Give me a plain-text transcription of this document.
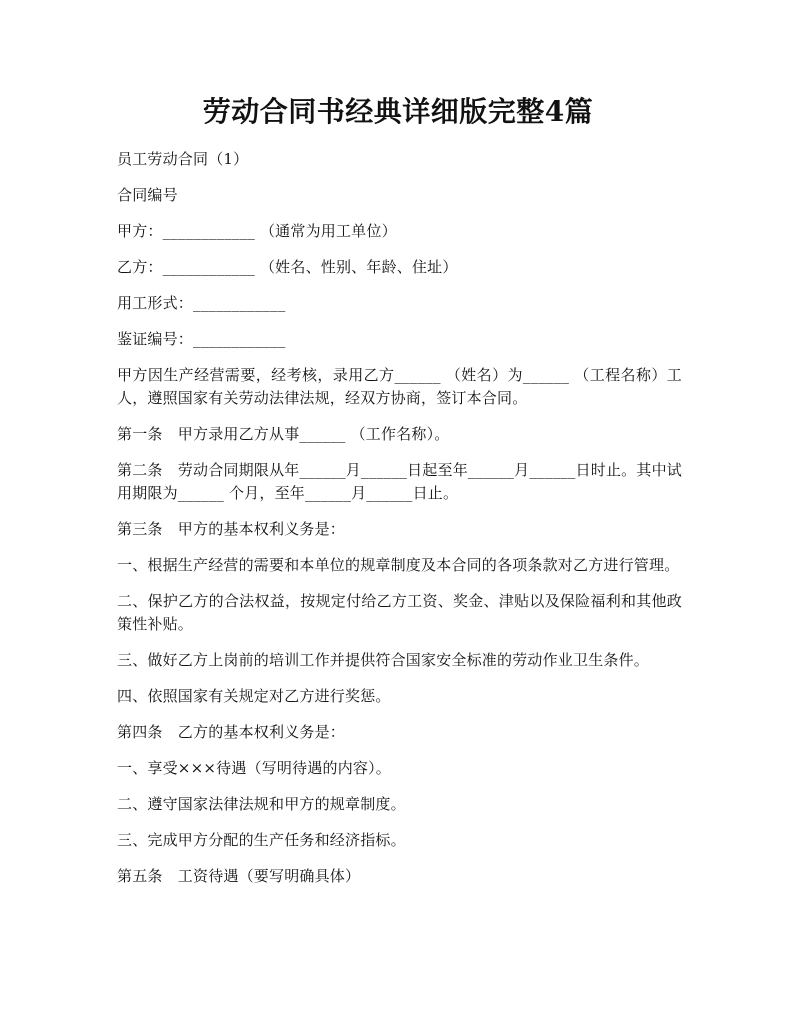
劳动合同书经典详细版完整4篇

员工劳动合同（1）

合同编号

甲方：____________ （通常为用工单位）

乙方：____________ （姓名、性别、年龄、住址）

用工形式：____________

鉴证编号：____________

甲方因生产经营需要，经考核，录用乙方______ （姓名）为______ （工程名称）工人，遵照国家有关劳动法律法规，经双方协商，签订本合同。

第一条　甲方录用乙方从事______ （工作名称）。

第二条　劳动合同期限从年______月______日起至年______月______日时止。其中试用期限为______ 个月，至年______月______日止。

第三条　甲方的基本权利义务是：

一、根据生产经营的需要和本单位的规章制度及本合同的各项条款对乙方进行管理。

二、保护乙方的合法权益，按规定付给乙方工资、奖金、津贴以及保险福利和其他政策性补贴。

三、做好乙方上岗前的培训工作并提供符合国家安全标准的劳动作业卫生条件。

四、依照国家有关规定对乙方进行奖惩。

第四条　乙方的基本权利义务是：

一、享受×××待遇（写明待遇的内容）。

二、遵守国家法律法规和甲方的规章制度。

三、完成甲方分配的生产任务和经济指标。

第五条　工资待遇（要写明确具体）
